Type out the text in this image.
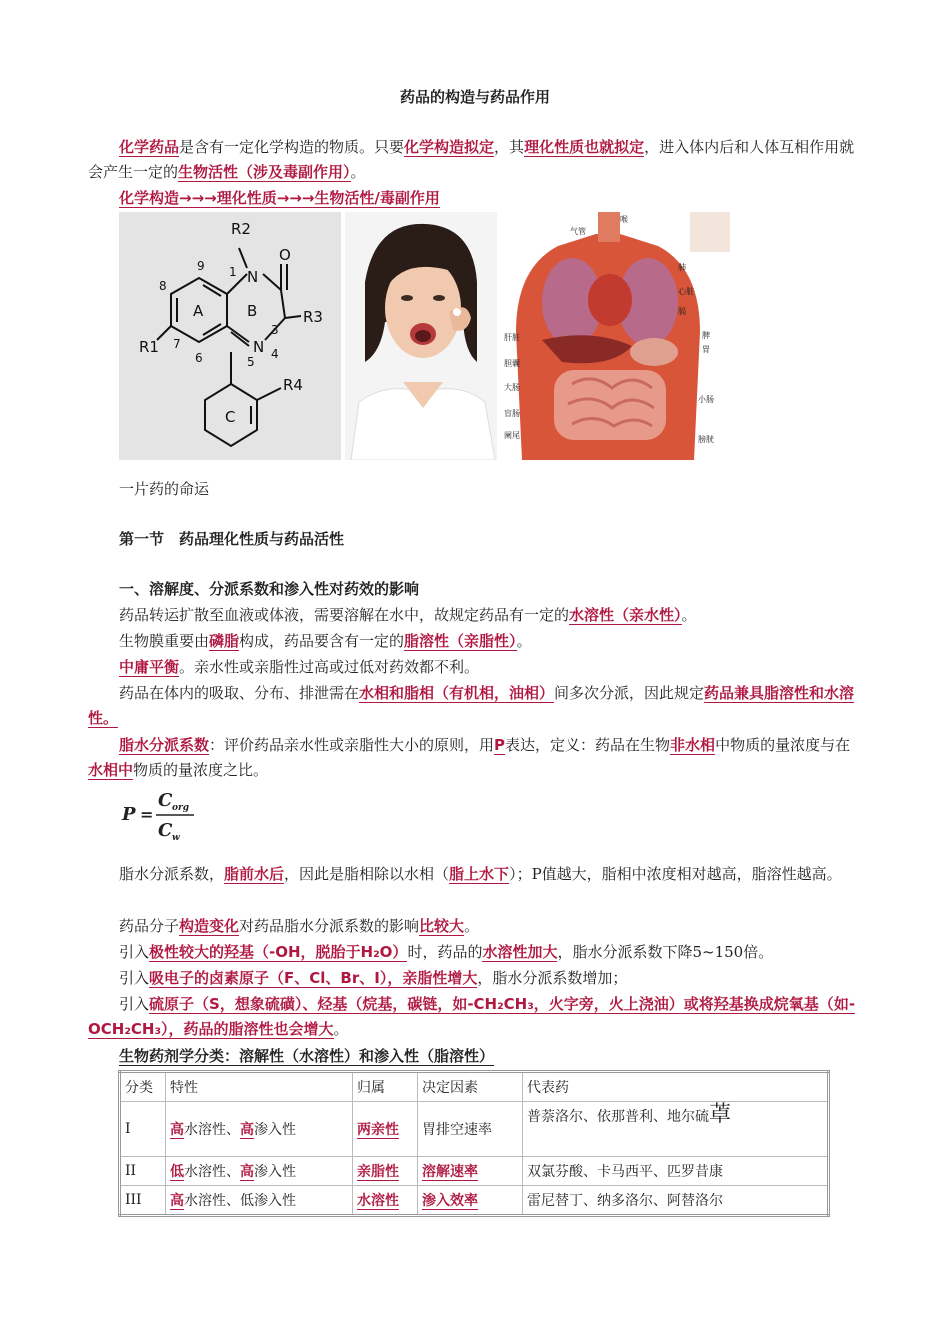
药品的构造与药品作用

化学药品是含有一定化学构造的物质。只要化学构造拟定，其理化性质也就拟定，进入体内后和人体互相作用就会产生一定的生物活性（涉及毒副作用）。

化学构造→→→理化性质→→→生物活性/毒副作用

R2
1 N
O
9
8
A	B
3
R3
R1 7
6
N 4
5
R4
C
喉
气管
肺
心脏
膈
肝脏
胆囊
胃
脾
大肠
小肠
盲肠
阑尾	膀胱

一片药的命运

第一节　药品理化性质与药品活性

一、溶解度、分派系数和渗入性对药效的影响

药品转运扩散至血液或体液，需要溶解在水中，故规定药品有一定的水溶性（亲水性）。

生物膜重要由磷脂构成，药品要含有一定的脂溶性（亲脂性）。

中庸平衡。亲水性或亲脂性过高或过低对药效都不利。

药品在体内的吸取、分布、排泄需在水相和脂相（有机相，油相）间多次分派，因此规定药品兼具脂溶性和水溶性。

脂水分派系数：评价药品亲水性或亲脂性大小的原则，用P表达，定义：药品在生物非水相中物质的量浓度与在水相中物质的量浓度之比。

P =
C org
C w

脂水分派系数，脂前水后，因此是脂相除以水相（脂上水下）；P值越大，脂相中浓度相对越高，脂溶性越高。

药品分子构造变化对药品脂水分派系数的影响比较大。

引入极性较大的羟基（-OH，脱胎于H₂O）时，药品的水溶性加大，脂水分派系数下降5~150倍。

引入吸电子的卤素原子（F、Cl、Br、I），亲脂性增大，脂水分派系数增加；

引入硫原子（S，想象硫磺）、烃基（烷基，碳链，如-CH₂CH₃，火字旁，火上浇油）或将羟基换成烷氧基（如-OCH₂CH₃），药品的脂溶性也会增大。

生物药剂学分类：溶解性（水溶性）和渗入性（脂溶性）

分类	特性	归属	决定因素	代表药
I	高水溶性、高渗入性	两亲性	胃排空速率	普萘洛尔、依那普利、地尔硫䓬
II	低水溶性、高渗入性	亲脂性	溶解速率	双氯芬酸、卡马西平、匹罗昔康
III	高水溶性、低渗入性	水溶性	渗入效率	雷尼替丁、纳多洛尔、阿替洛尔
